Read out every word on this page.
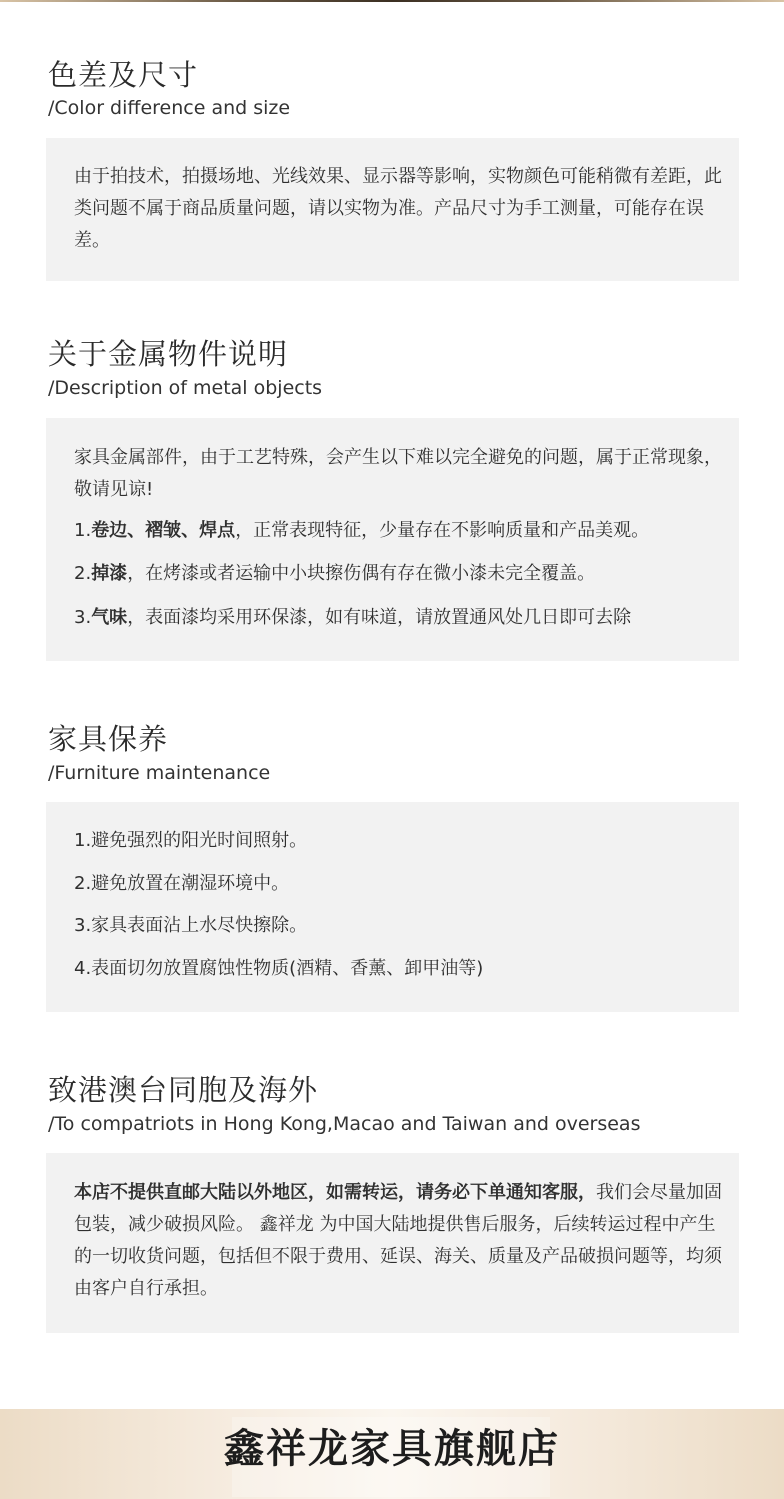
色差及尺寸
/Color difference and size
由于拍技术，拍摄场地、光线效果、显示器等影响，实物颜色可能稍微有差距，此类问题不属于商品质量问题，请以实物为准。产品尺寸为手工测量，可能存在误差。
关于金属物件说明
/Description of metal objects
家具金属部件，由于工艺特殊，会产生以下难以完全避免的问题，属于正常现象，敬请见谅!
1.卷边、褶皱、焊点，正常表现特征，少量存在不影响质量和产品美观。
2.掉漆，在烤漆或者运输中小块擦伤偶有存在微小漆未完全覆盖。
3.气味，表面漆均采用环保漆，如有味道，请放置通风处几日即可去除
家具保养
/Furniture maintenance
1.避免强烈的阳光时间照射。
2.避免放置在潮湿环境中。
3.家具表面沾上水尽快擦除。
4.表面切勿放置腐蚀性物质(酒精、香薰、卸甲油等)
致港澳台同胞及海外
/To compatriots in Hong Kong,Macao and Taiwan and overseas
本店不提供直邮大陆以外地区，如需转运，请务必下单通知客服，我们会尽量加固包装，减少破损风险。 鑫祥龙 为中国大陆地提供售后服务，后续转运过程中产生的一切收货问题，包括但不限于费用、延误、海关、质量及产品破损问题等，均须由客户自行承担。
鑫祥龙家具旗舰店
